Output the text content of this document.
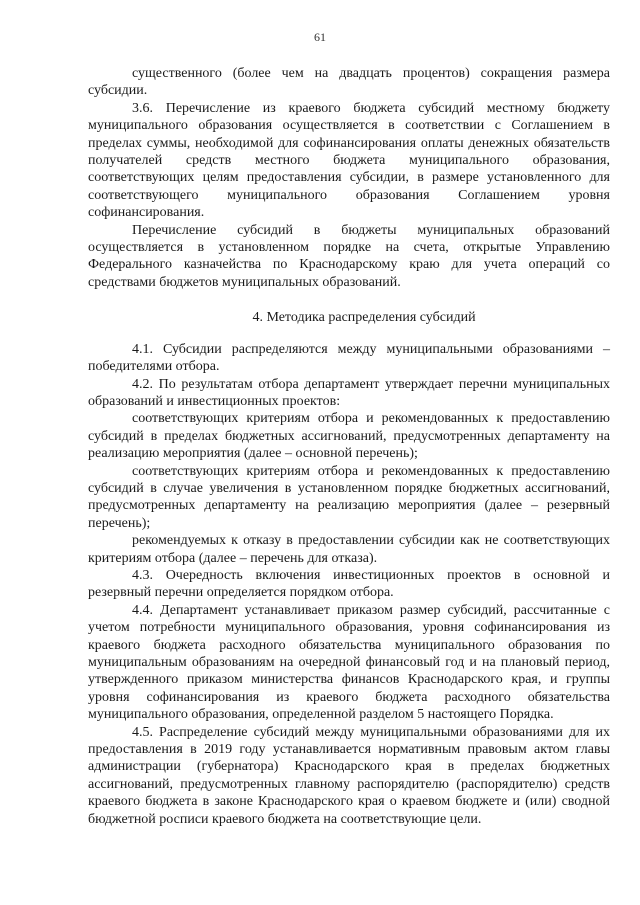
61

существенного (более чем на двадцать процентов) сокращения размера субсидии.

3.6. Перечисление из краевого бюджета субсидий местному бюджету муниципального образования осуществляется в соответствии с Соглашением в пределах суммы, необходимой для софинансирования оплаты денежных обязательств получателей средств местного бюджета муниципального образования, соответствующих целям предоставления субсидии, в размере установленного для соответствующего муниципального образования Соглашением уровня софинансирования.

Перечисление субсидий в бюджеты муниципальных образований осуществляется в установленном порядке на счета, открытые Управлению Федерального казначейства по Краснодарскому краю для учета операций со средствами бюджетов муниципальных образований.

4. Методика распределения субсидий

4.1. Субсидии распределяются между муниципальными образованиями – победителями отбора.

4.2. По результатам отбора департамент утверждает перечни муниципальных образований и инвестиционных проектов:

соответствующих критериям отбора и рекомендованных к предоставлению субсидий в пределах бюджетных ассигнований, предусмотренных департаменту на реализацию мероприятия (далее – основной перечень);

соответствующих критериям отбора и рекомендованных к предоставлению субсидий в случае увеличения в установленном порядке бюджетных ассигнований, предусмотренных департаменту на реализацию мероприятия (далее – резервный перечень);

рекомендуемых к отказу в предоставлении субсидии как не соответствующих критериям отбора (далее – перечень для отказа).

4.3. Очередность включения инвестиционных проектов в основной и резервный перечни определяется порядком отбора.

4.4. Департамент устанавливает приказом размер субсидий, рассчитанные с учетом потребности муниципального образования, уровня софинансирования из краевого бюджета расходного обязательства муниципального образования по муниципальным образованиям на очередной финансовый год и на плановый период, утвержденного приказом министерства финансов Краснодарского края, и группы уровня софинансирования из краевого бюджета расходного обязательства муниципального образования, определенной разделом 5 настоящего Порядка.

4.5. Распределение субсидий между муниципальными образованиями для их предоставления в 2019 году устанавливается нормативным правовым актом главы администрации (губернатора) Краснодарского края в пределах бюджетных ассигнований, предусмотренных главному распорядителю (распорядителю) средств краевого бюджета в законе Краснодарского края о краевом бюджете и (или) сводной бюджетной росписи краевого бюджета на соответствующие цели.
